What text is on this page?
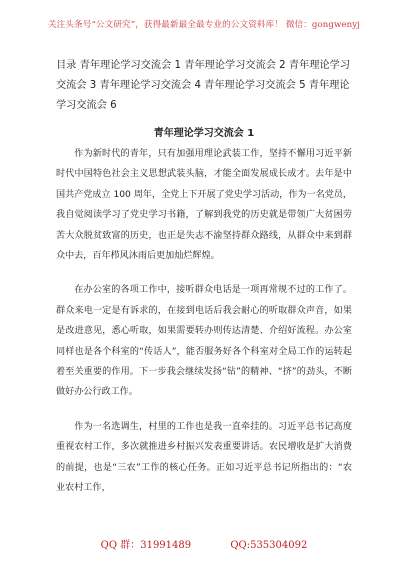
关注头条号“公文研究”，获得最新最全最专业的公文资料库！ 微信：gongwenyj
目录 青年理论学习交流会 1 青年理论学习交流会 2 青年理论学习交流会 3 青年理论学习交流会 4 青年理论学习交流会 5 青年理论学习交流会 6
青年理论学习交流会 1

作为新时代的青年，只有加强用理论武装工作，坚持不懈用习近平新时代中国特色社会主义思想武装头脑，才能全面发展成长成才。去年是中国共产党成立 100 周年，全党上下开展了党史学习活动，作为一名党员，我自觉阅读学习了党史学习书籍，了解到我党的历史就是带领广大贫困劳苦大众脱贫致富的历史，也正是失志不渝坚持群众路线，从群众中来到群众中去，百年栉风沐雨后更加灿烂辉煌。

在办公室的各项工作中，接听群众电话是一项再常规不过的工作了。群众来电一定是有诉求的，在接到电话后我会耐心的听取群众声音，如果是改进意见，悉心听取，如果需要转办则传达清楚、介绍好流程。办公室同样也是各个科室的“传话人”，能否服务好各个科室对全局工作的运转起着至关重要的作用。下一步我会继续发扬“钻”的精神、“挤”的劲头，不断做好办公行政工作。

作为一名选调生，村里的工作也是我一直牵挂的。习近平总书记高度重视农村工作，多次就推进乡村振兴发表重要讲话。农民增收是扩大消费的前提，也是“三农”工作的核心任务。正如习近平总书记所指出的：“农业农村工作，

QQ 群：31991489	QQ:535304092
